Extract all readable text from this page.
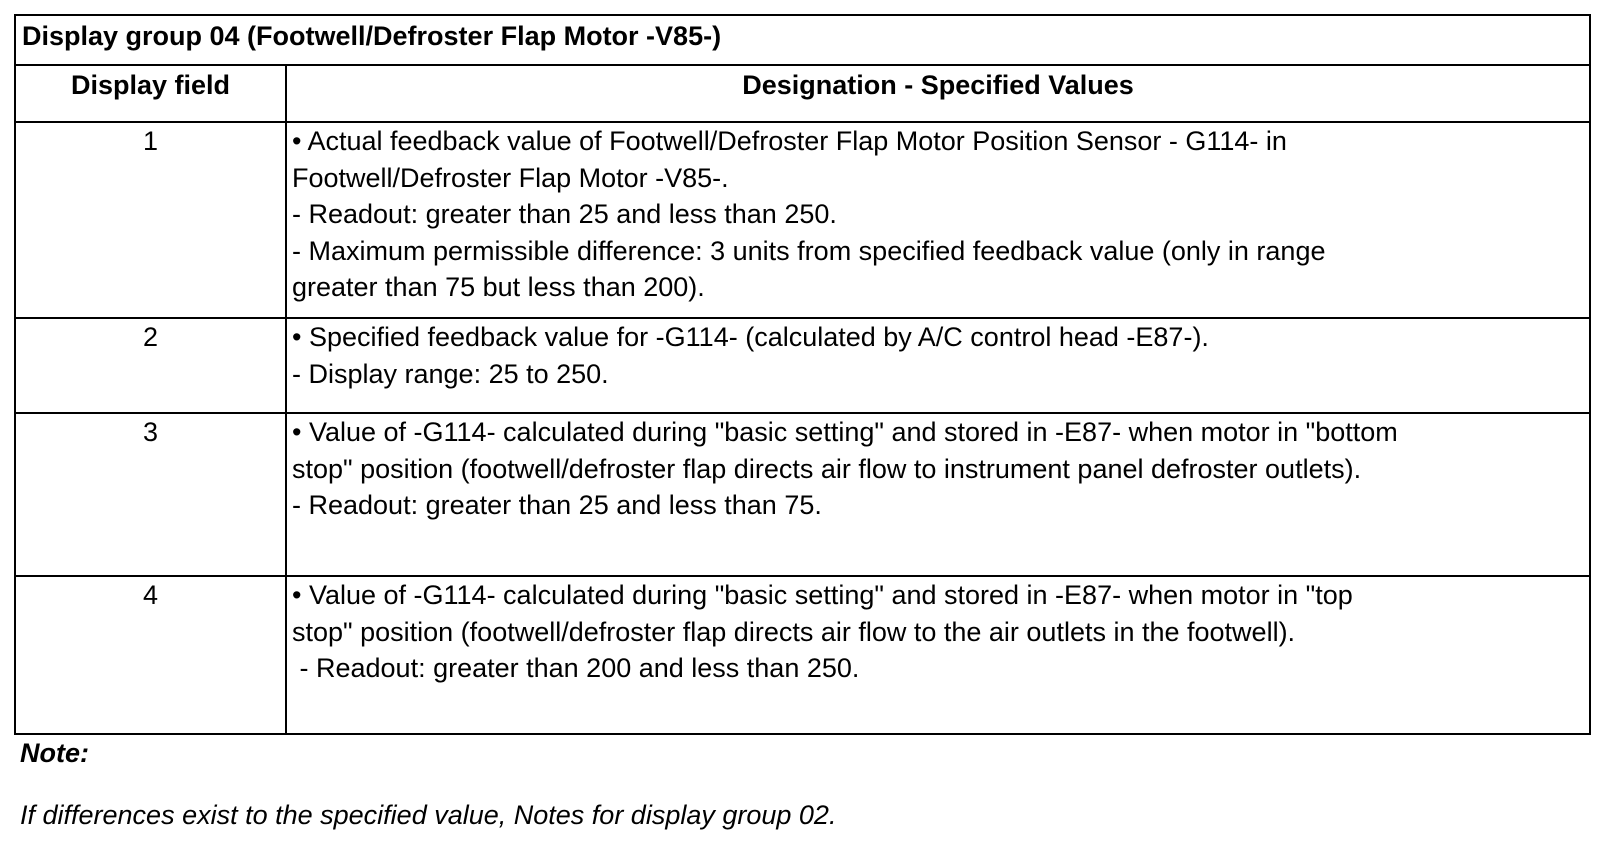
Display group 04 (Footwell/Defroster Flap Motor -V85-)	
Display field	Designation - Specified Values
1	• Actual feedback value of Footwell/Defroster Flap Motor Position Sensor - G114- in
Footwell/Defroster Flap Motor -V85-.
- Readout: greater than 25 and less than 250.
- Maximum permissible difference: 3 units from specified feedback value (only in range
greater than 75 but less than 200).

2	• Specified feedback value for -G114- (calculated by A/C control head -E87-).
- Display range: 25 to 250.

3	• Value of -G114- calculated during "basic setting" and stored in -E87- when motor in "bottom
stop" position (footwell/defroster flap directs air flow to instrument panel defroster outlets).
- Readout: greater than 25 and less than 75.

4	• Value of -G114- calculated during "basic setting" and stored in -E87- when motor in "top
stop" position (footwell/defroster flap directs air flow to the air outlets in the footwell).
- Readout: greater than 200 and less than 250.
Note:
If differences exist to the specified value, Notes for display group 02.
